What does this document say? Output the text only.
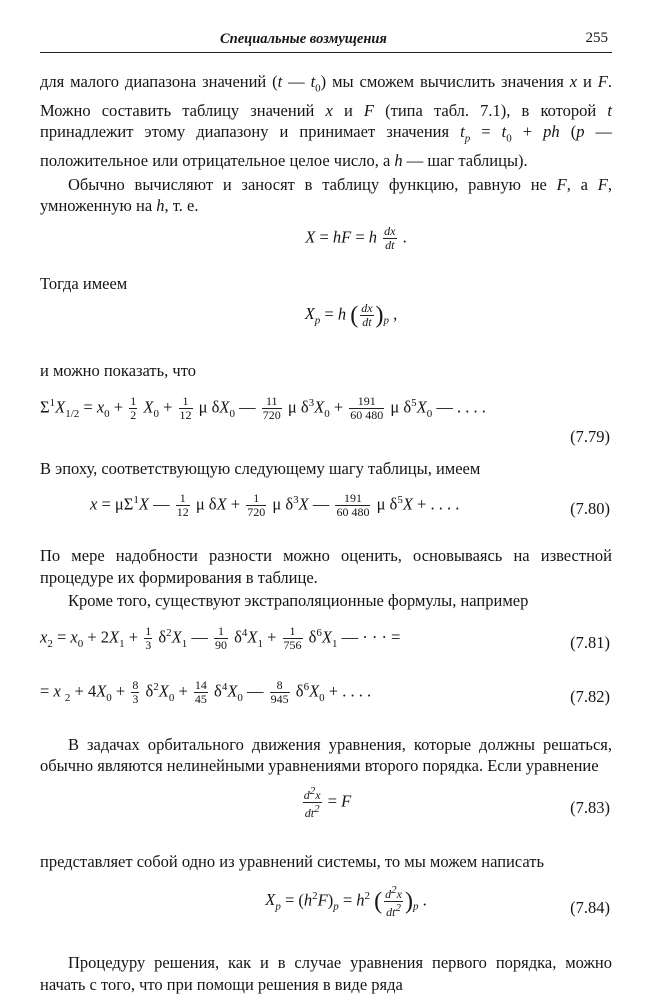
Специальные возмущения	255

для малого диапазона значений (t — $t_0$) мы сможем вычислить значения x и F. Можно составить таблицу значений x и F (типа табл. 7.1), в которой t принадлежит этому диапазону и принимает значения $t_p = t_0$ + ph (p — положительное или отрицательное целое число, а h — шаг таблицы).

Обычно вычисляют и заносят в таблицу функцию, равную не F, а F, умноженную на h, т. е.

X = hF = h $\frac{dx}{dt}$ .

Тогда имеем

$X_p = h$ ( $\frac{dx}{dt} )_p$ ,

и можно показать, что

$\Sigma^1X_{1/2} = x_0 + \frac{1}{2} X_0 + \frac{1}{12}$ μ $\delta X_0$ — $\frac{11}{720}$ μ $\delta^3X_0 + \frac{191}{60 480}$ μ $\delta^5X_0$ — . . . .
(7.79)

В эпоху, соответствующую следующему шагу таблицы, имеем

$x = \mu\Sigma^1X$ — $\frac{1}{12}$ μ $\delta X + \frac{1}{720}$ μ $\delta^3X$ — $\frac{191}{60 480}$ μ $\delta^5X$ + . . . .	(7.80)

По мере надобности разности можно оценить, основываясь на известной процедуре их формирования в таблице.

Кроме того, существуют экстраполяционные формулы, например

$x_2 = x_0 + 2X_1 + \frac{1}{3} \delta^2X_1$ — $\frac{1}{90} \delta^4X_1 + \frac{1}{756} \delta^6X_1$ — · · · =	(7.81)
= x $_2 + 4X_0 + \frac{8}{3} \delta^2X_0 + \frac{14}{45} \delta^4X_0$ — $\frac{8}{945} \delta^6X_0$ + . . . .	(7.82)

В задачах орбитального движения уравнения, которые должны решаться, обычно являются нелинейными уравнениями второго порядка. Если уравнение

$\frac{d^2x}{dt^2} = F$	(7.83)

представляет собой одно из уравнений системы, то мы можем написать

$X_p = (h^2F)_p = h^2$ ( $\frac{d^2x}{dt^2} )_p$ .	(7.84)

Процедуру решения, как и в случае уравнения первого порядка, можно начать с того, что при помощи решения в виде ряда
